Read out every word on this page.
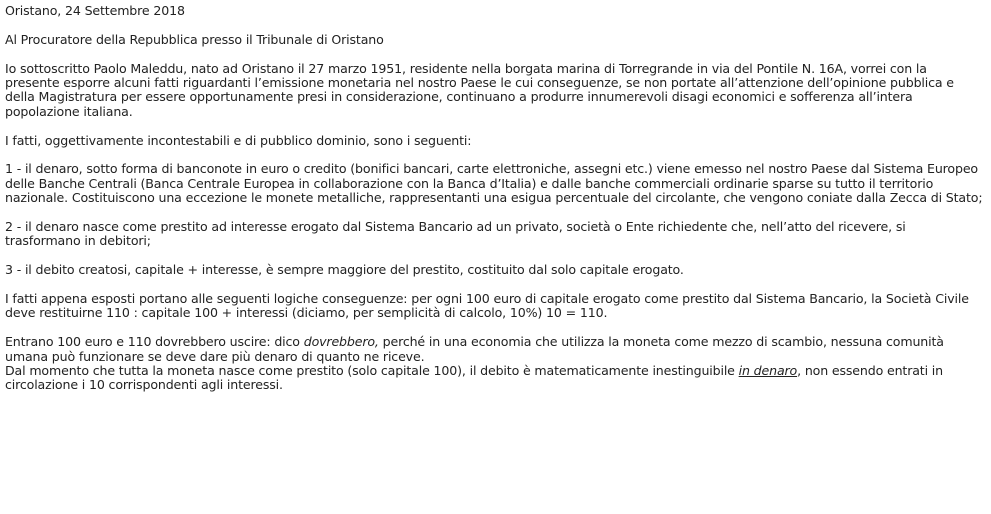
Oristano, 24 Settembre 2018

Al Procuratore della Repubblica presso il Tribunale di Oristano

Io sottoscritto Paolo Maleddu, nato ad Oristano il 27 marzo 1951, residente nella borgata marina di Torregrande in via del Pontile N. 16A, vorrei con la presente esporre alcuni fatti riguardanti l’emissione monetaria nel nostro Paese le cui conseguenze, se non portate all’attenzione dell’opinione pubblica e della Magistratura per essere opportunamente presi in considerazione, continuano a produrre innumerevoli disagi economici e sofferenza all’intera popolazione italiana.

I fatti, oggettivamente incontestabili e di pubblico dominio, sono i seguenti:

1 - il denaro, sotto forma di banconote in euro o credito (bonifici bancari, carte elettroniche, assegni etc.) viene emesso nel nostro Paese dal Sistema Europeo delle Banche Centrali (Banca Centrale Europea in collaborazione con la Banca d’Italia) e dalle banche commerciali ordinarie sparse su tutto il territorio nazionale. Costituiscono una eccezione le monete metalliche, rappresentanti una esigua percentuale del circolante, che vengono coniate dalla Zecca di Stato;

2 - il denaro nasce come prestito ad interesse erogato dal Sistema Bancario ad un privato, società o Ente richiedente che, nell’atto del ricevere, si trasformano in debitori;

3 - il debito creatosi, capitale + interesse, è sempre maggiore del prestito, costituito dal solo capitale erogato.

I fatti appena esposti portano alle seguenti logiche conseguenze: per ogni 100 euro di capitale erogato come prestito dal Sistema Bancario, la Società Civile deve restituirne 110 : capitale 100 + interessi (diciamo, per semplicità di calcolo, 10%) 10 = 110.

Entrano 100 euro e 110 dovrebbero uscire: dico dovrebbero, perché in una economia che utilizza la moneta come mezzo di scambio, nessuna comunità umana può funzionare se deve dare più denaro di quanto ne riceve.

Dal momento che tutta la moneta nasce come prestito (solo capitale 100), il debito è matematicamente inestinguibile in denaro, non essendo entrati in circolazione i 10 corrispondenti agli interessi.
